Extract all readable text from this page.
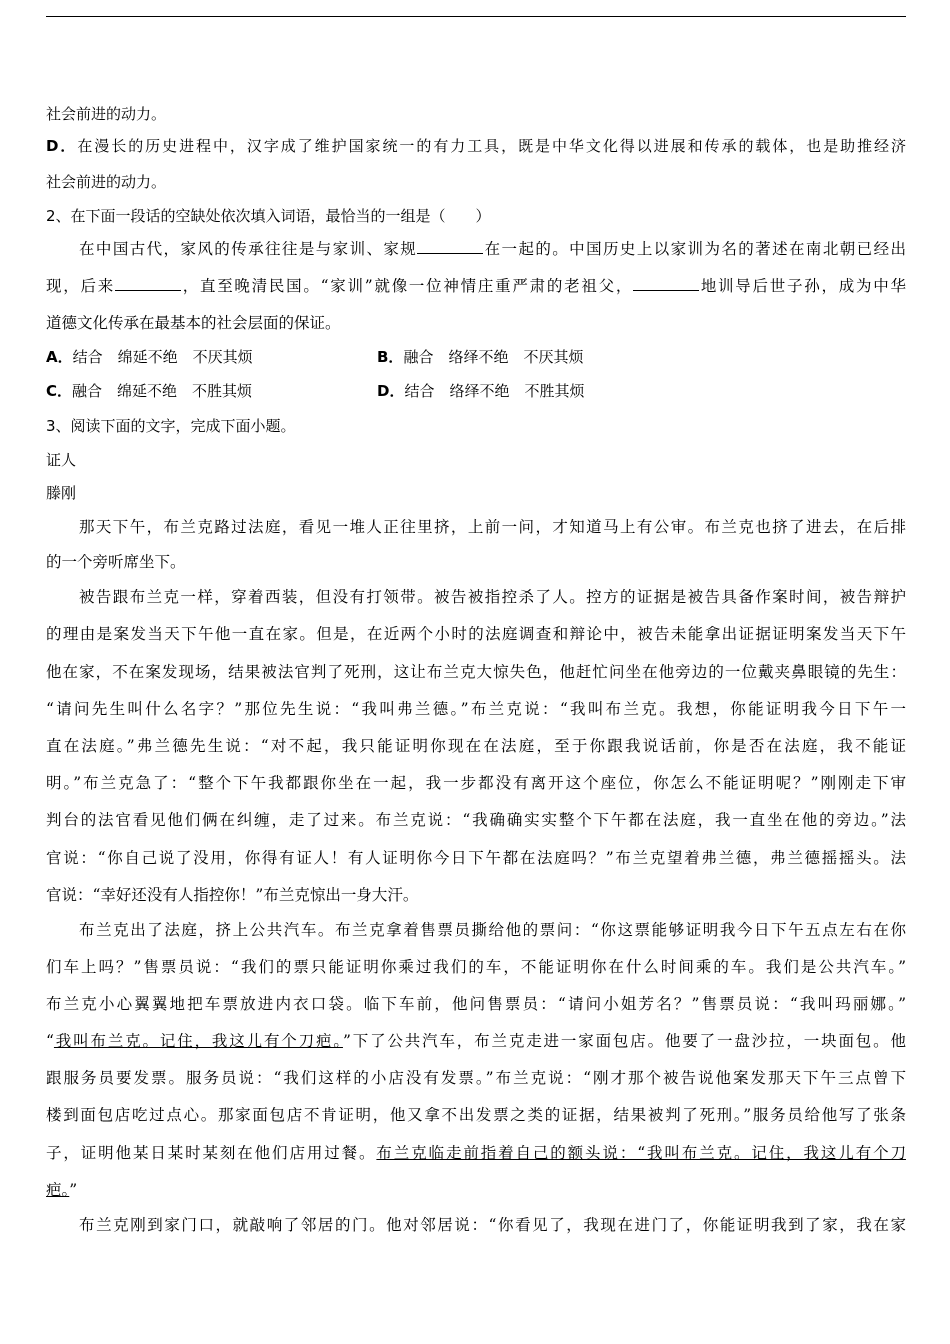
社会前进的动力。
D．在漫长的历史进程中，汉字成了维护国家统一的有力工具，既是中华文化得以进展和传承的载体，也是助推经济
社会前进的动力。
2、在下面一段话的空缺处依次填入词语，最恰当的一组是（　　）
在中国古代，家风的传承往往是与家训、家规	在一起的。中国历史上以家训为名的著述在南北朝已经出
现，后来	，直至晚清民国。“家训”就像一位神情庄重严肃的老祖父，	地训导后世子孙，成为中华
道德文化传承在最基本的社会层面的保证。
A．结合　绵延不绝　不厌其烦	B．融合　络绎不绝　不厌其烦
C．融合　绵延不绝　不胜其烦	D．结合　络绎不绝　不胜其烦
3、阅读下面的文字，完成下面小题。
证人
滕刚
那天下午，布兰克路过法庭，看见一堆人正往里挤，上前一问，才知道马上有公审。布兰克也挤了进去，在后排
的一个旁听席坐下。
被告跟布兰克一样，穿着西装，但没有打领带。被告被指控杀了人。控方的证据是被告具备作案时间，被告辩护
的理由是案发当天下午他一直在家。但是，在近两个小时的法庭调查和辩论中，被告未能拿出证据证明案发当天下午
他在家，不在案发现场，结果被法官判了死刑，这让布兰克大惊失色，他赶忙问坐在他旁边的一位戴夹鼻眼镜的先生：
“请问先生叫什么名字？”那位先生说：“我叫弗兰德。”布兰克说：“我叫布兰克。我想，你能证明我今日下午一
直在法庭。”弗兰德先生说：“对不起，我只能证明你现在在法庭，至于你跟我说话前，你是否在法庭，我不能证
明。”布兰克急了：“整个下午我都跟你坐在一起，我一步都没有离开这个座位，你怎么不能证明呢？”刚刚走下审
判台的法官看见他们俩在纠缠，走了过来。布兰克说：“我确确实实整个下午都在法庭，我一直坐在他的旁边。”法
官说：“你自己说了没用，你得有证人！有人证明你今日下午都在法庭吗？”布兰克望着弗兰德，弗兰德摇摇头。法
官说：“幸好还没有人指控你！”布兰克惊出一身大汗。
布兰克出了法庭，挤上公共汽车。布兰克拿着售票员撕给他的票问：“你这票能够证明我今日下午五点左右在你
们车上吗？”售票员说：“我们的票只能证明你乘过我们的车，不能证明你在什么时间乘的车。我们是公共汽车。”
布兰克小心翼翼地把车票放进内衣口袋。临下车前，他问售票员：“请问小姐芳名？”售票员说：“我叫玛丽娜。”
“我叫布兰克。记住，我这儿有个刀疤。”下了公共汽车，布兰克走进一家面包店。他要了一盘沙拉，一块面包。他
跟服务员要发票。服务员说：“我们这样的小店没有发票。”布兰克说：“刚才那个被告说他案发那天下午三点曾下
楼到面包店吃过点心。那家面包店不肯证明，他又拿不出发票之类的证据，结果被判了死刑。”服务员给他写了张条
子，证明他某日某时某刻在他们店用过餐。布兰克临走前指着自己的额头说：“我叫布兰克。记住，我这儿有个刀
疤。”
布兰克刚到家门口，就敲响了邻居的门。他对邻居说：“你看见了，我现在进门了，你能证明我到了家，我在家
